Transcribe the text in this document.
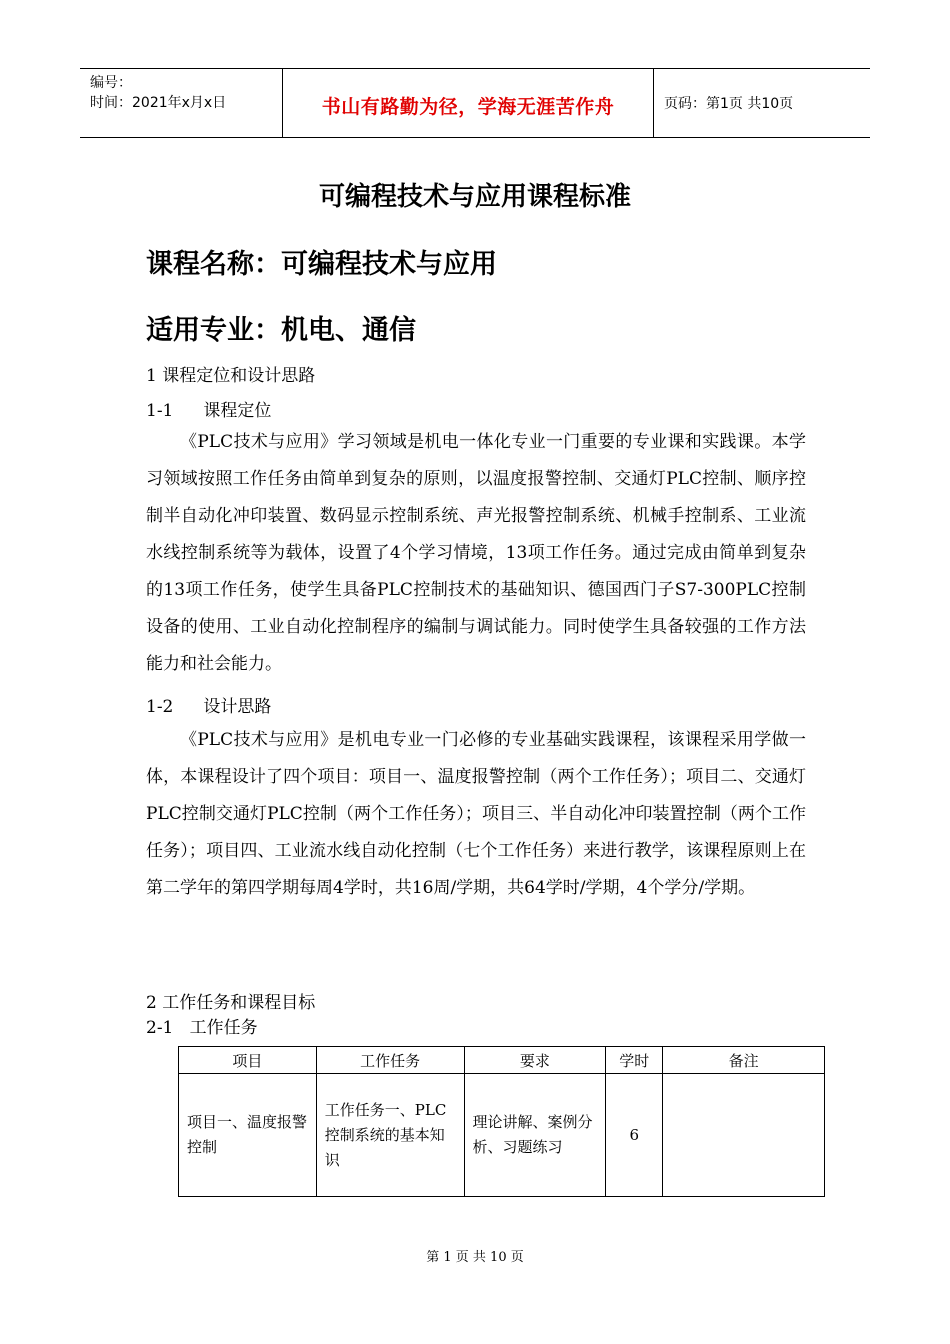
编号：
时间：2021年x月x日	书山有路勤为径，学海无涯苦作舟	页码：第1页 共10页
可编程技术与应用课程标准
课程名称：可编程技术与应用
适用专业：机电、通信
1 课程定位和设计思路
1-1 课程定位
《PLC技术与应用》学习领域是机电一体化专业一门重要的专业课和实践课。本学习领域按照工作任务由简单到复杂的原则，以温度报警控制、交通灯PLC控制、顺序控制半自动化冲印装置、数码显示控制系统、声光报警控制系统、机械手控制系、工业流水线控制系统等为载体，设置了4个学习情境，13项工作任务。通过完成由简单到复杂的13项工作任务，使学生具备PLC控制技术的基础知识、德国西门子S7-300PLC控制设备的使用、工业自动化控制程序的编制与调试能力。同时使学生具备较强的工作方法能力和社会能力。
1-2 设计思路
《PLC技术与应用》是机电专业一门必修的专业基础实践课程，该课程采用学做一体，本课程设计了四个项目：项目一、温度报警控制（两个工作任务）；项目二、交通灯PLC控制交通灯PLC控制（两个工作任务）；项目三、半自动化冲印装置控制（两个工作任务）；项目四、工业流水线自动化控制（七个工作任务）来进行教学，该课程原则上在第二学年的第四学期每周4学时，共16周/学期，共64学时/学期，4个学分/学期。
2 工作任务和课程目标
2-1   工作任务
项目	工作任务	要求	学时	备注
项目一、温度报警控制	工作任务一、PLC控制系统的基本知识	理论讲解、案例分析、习题练习	6	
第 1 页 共 10 页
